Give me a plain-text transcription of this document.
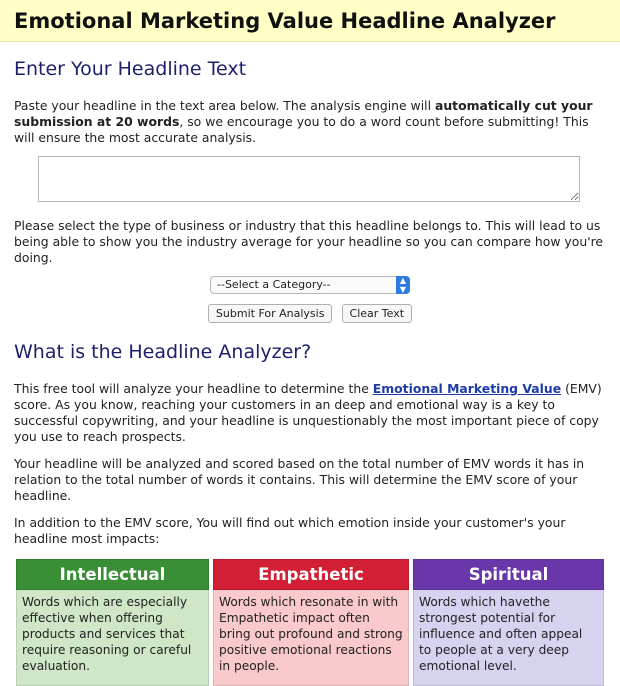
Emotional Marketing Value Headline Analyzer
Enter Your Headline Text

Paste your headline in the text area below. The analysis engine will automatically cut your submission at 20 words, so we encourage you to do a word count before submitting! This will ensure the most accurate analysis.

Please select the type of business or industry that this headline belongs to. This will lead to us being able to show you the industry average for your headline so you can compare how you're doing.

--Select a Category--	▲
▼
Submit For Analysis Clear Text
What is the Headline Analyzer?

This free tool will analyze your headline to determine the Emotional Marketing Value (EMV) score. As you know, reaching your customers in an deep and emotional way is a key to successful copywriting, and your headline is unquestionably the most important piece of copy you use to reach prospects.

Your headline will be analyzed and scored based on the total number of EMV words it has in relation to the total number of words it contains. This will determine the EMV score of your headline.

In addition to the EMV score, You will find out which emotion inside your customer's your headline most impacts:

Intellectual
Words which are especially effective when offering products and services that require reasoning or careful evaluation.
Empathetic
Words which resonate in with Empathetic impact often bring out profound and strong positive emotional reactions in people.
Spiritual
Words which havethe strongest potential for influence and often appeal to people at a very deep emotional level.
